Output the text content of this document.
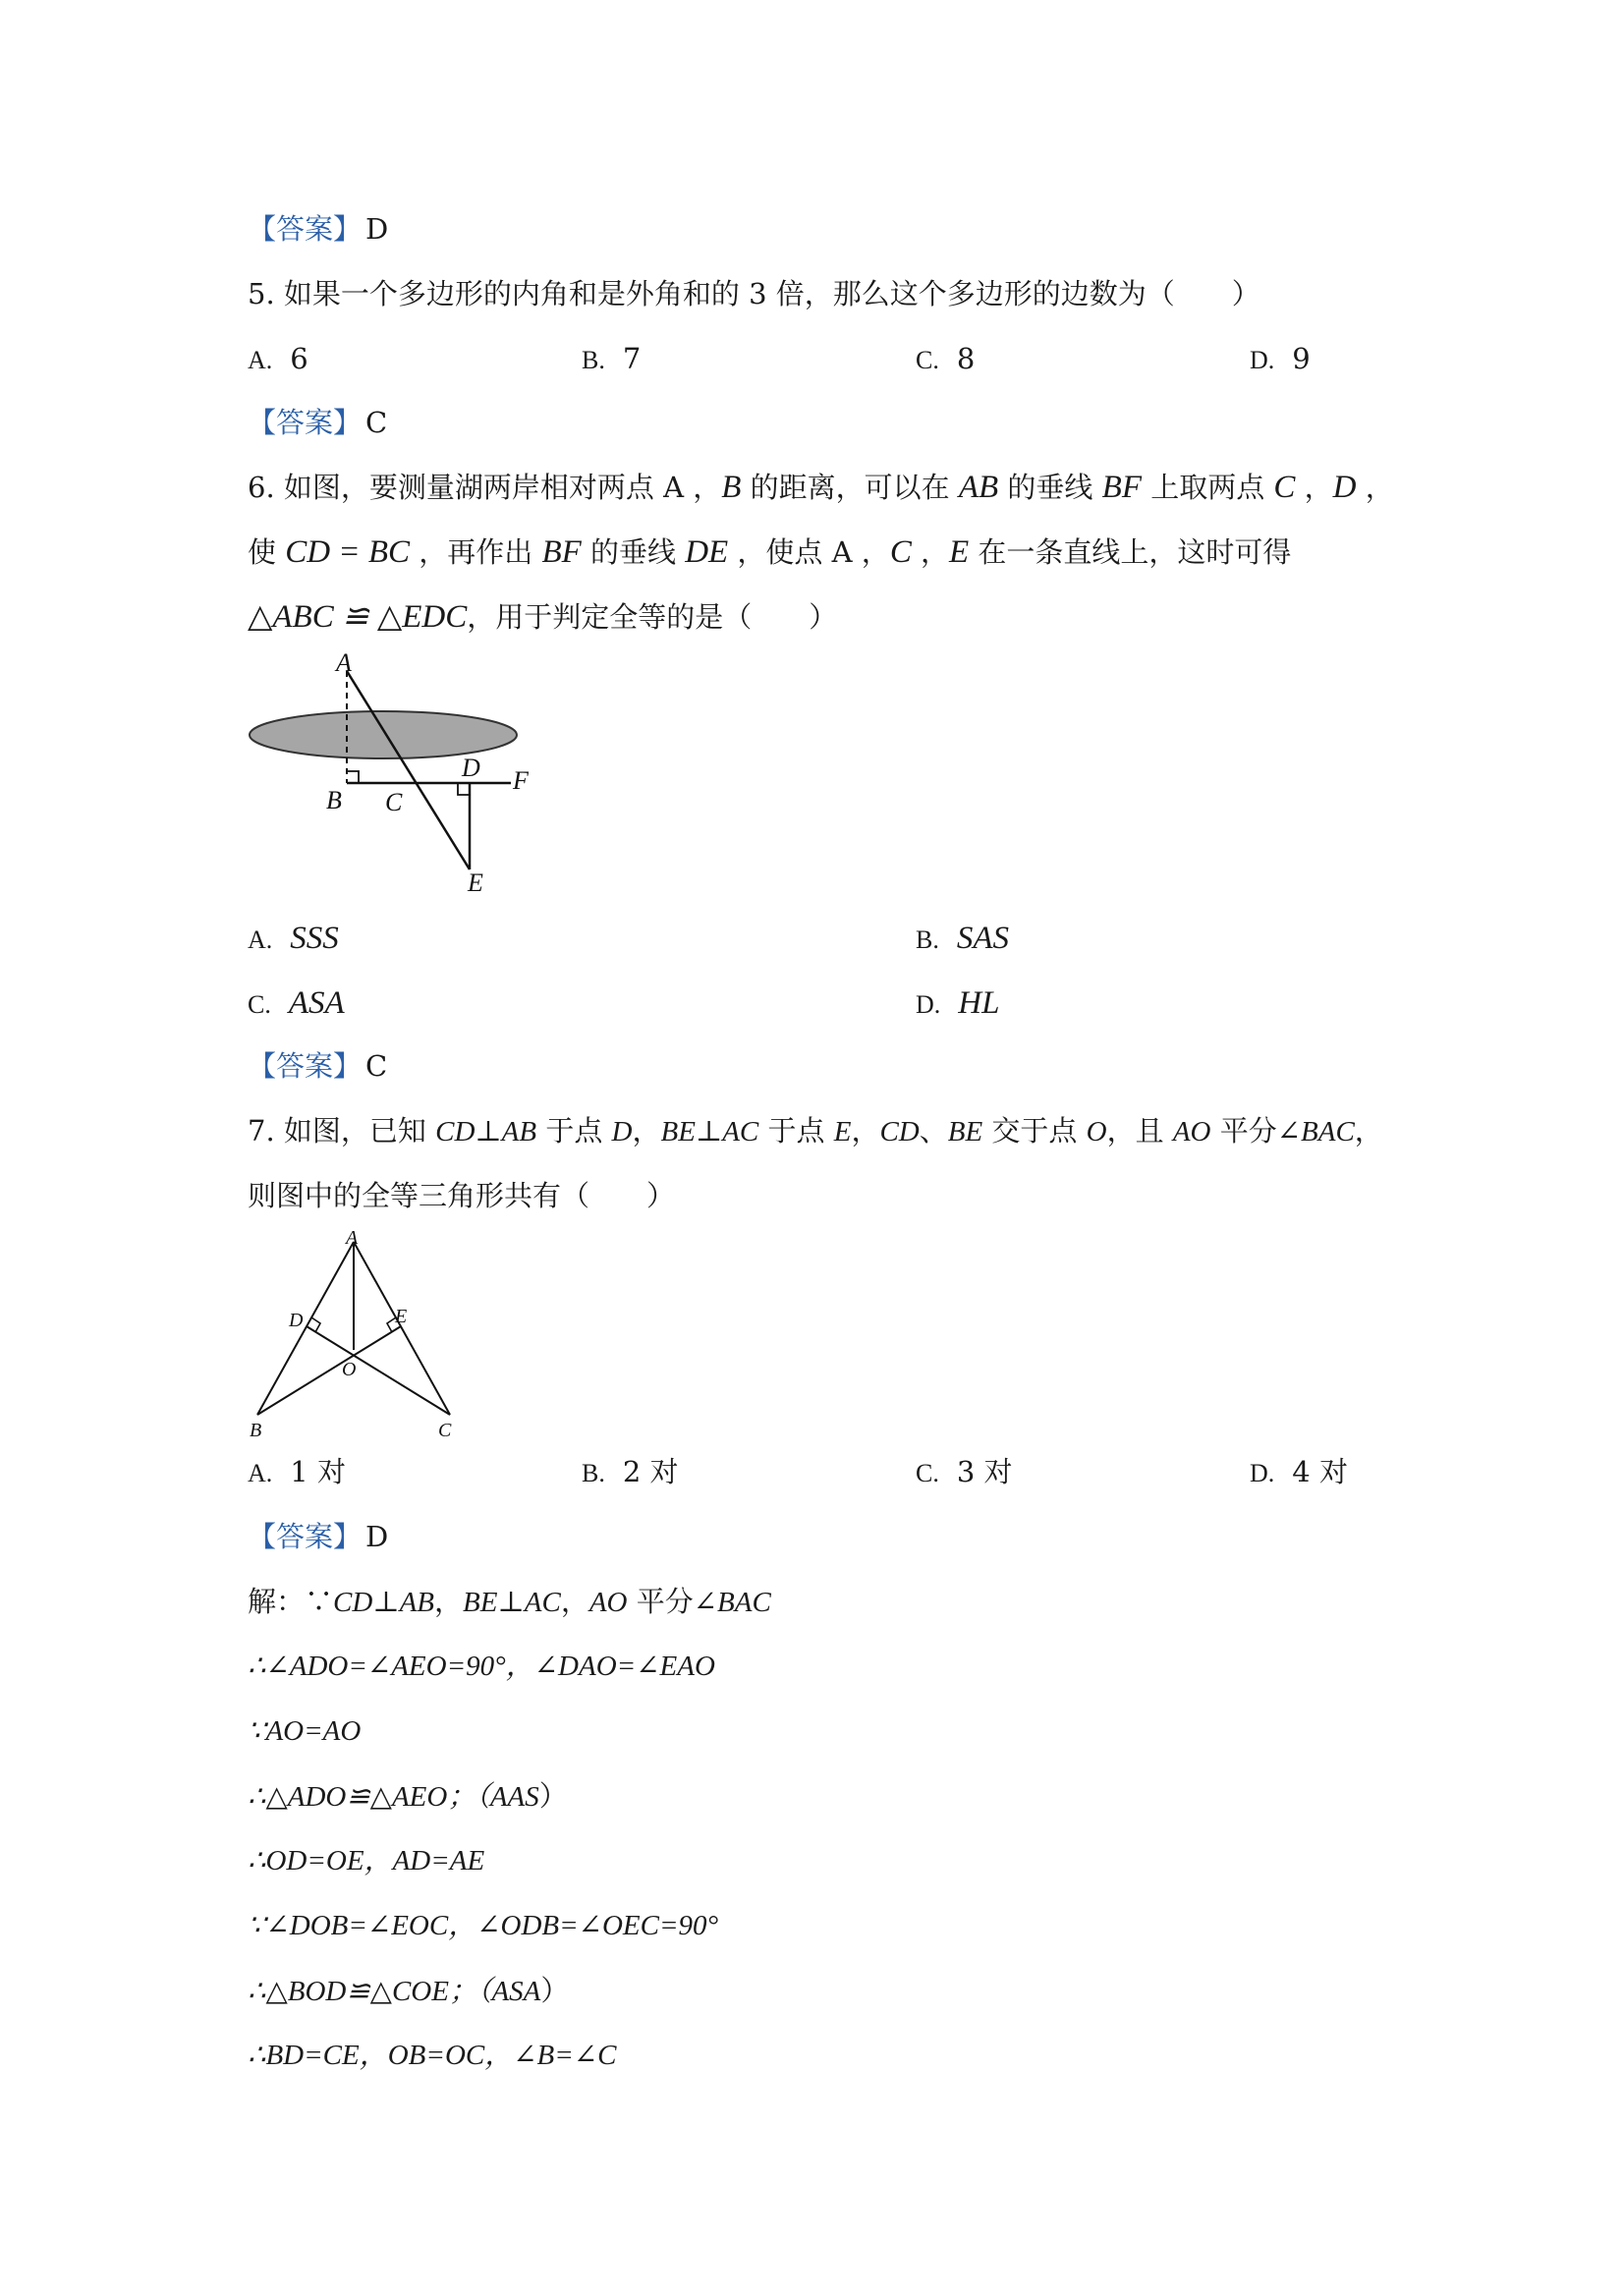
【答案】 D
5. 如果一个多边形的内角和是外角和的 3 倍，那么这个多边形的边数为（　　）
A. 6	B. 7	C. 8	D. 9
【答案】 C
6. 如图，要测量湖两岸相对两点 A ，B 的距离，可以在 AB 的垂线 BF 上取两点 C ，D ，
使 CD = BC ，再作出 BF 的垂线 DE ，使点 A ，C ，E 在一条直线上，这时可得
△ABC ≌ △EDC，用于判定全等的是（　　）
A
B C
D F
E
A. SSS	B. SAS
C. ASA	D. HL
【答案】 C
7. 如图，已知 CD⊥AB 于点 D，BE⊥AC 于点 E，CD、BE 交于点 O，且 AO 平分∠BAC，
则图中的全等三角形共有（　　）
A
D	E
O
B	C
A. 1 对	B. 2 对	C. 3 对	D. 4 对
【答案】 D
解：∵CD⊥AB，BE⊥AC，AO 平分∠BAC
∴∠ADO=∠AEO=90°，∠DAO=∠EAO
∵AO=AO
∴△ADO≌△AEO；（AAS）
∴OD=OE，AD=AE
∵∠DOB=∠EOC，∠ODB=∠OEC=90°
∴△BOD≌△COE；（ASA）
∴BD=CE，OB=OC，∠B=∠C
